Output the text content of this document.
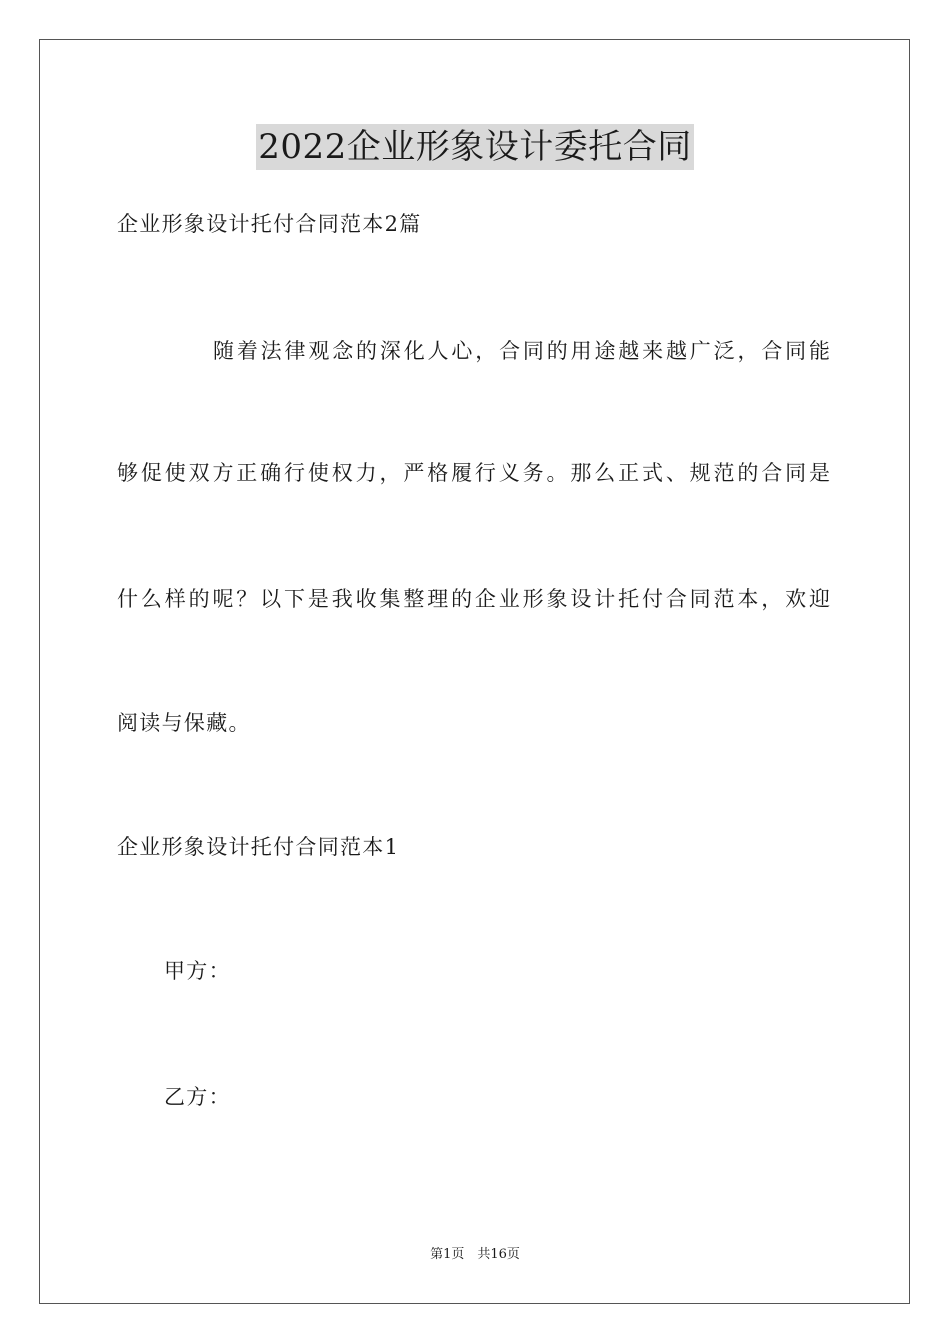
2022企业形象设计委托合同
企业形象设计托付合同范本2篇
随着法律观念的深化人心，合同的用途越来越广泛，合同能
够促使双方正确行使权力，严格履行义务。那么正式、规范的合同是
什么样的呢？以下是我收集整理的企业形象设计托付合同范本，欢迎
阅读与保藏。
企业形象设计托付合同范本1
甲方：
乙方：
第1页　共16页
